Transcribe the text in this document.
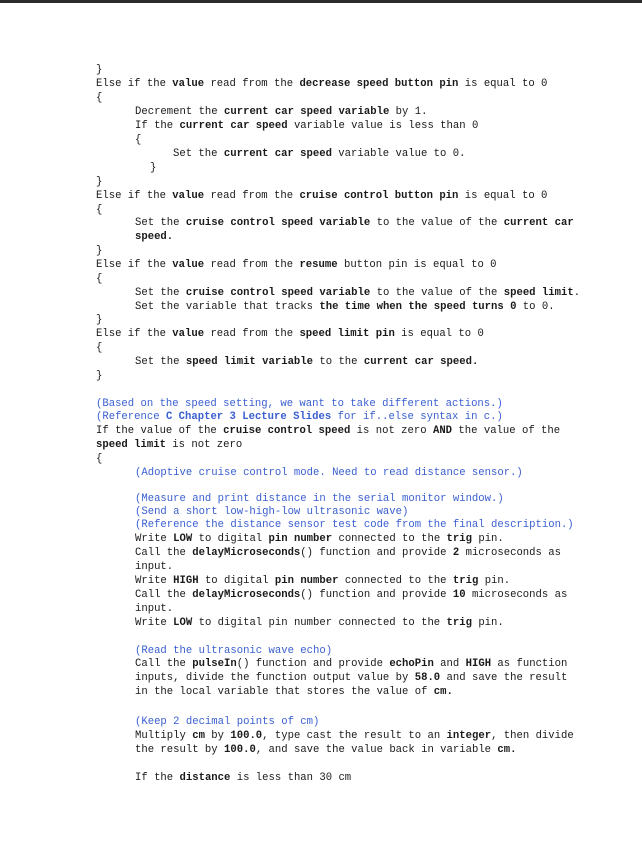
}
Else if the value read from the decrease speed button pin is equal to 0
{
Decrement the current car speed variable by 1.
If the current car speed variable value is less than 0
{
Set the current car speed variable value to 0.
}
}
Else if the value read from the cruise control button pin is equal to 0
{
Set the cruise control speed variable to the value of the current car
speed.
}
Else if the value read from the resume button pin is equal to 0
{
Set the cruise control speed variable to the value of the speed limit.
Set the variable that tracks the time when the speed turns 0 to 0.
}
Else if the value read from the speed limit pin is equal to 0
{
Set the speed limit variable to the current car speed.
}
(Based on the speed setting, we want to take different actions.)
(Reference C Chapter 3 Lecture Slides for if..else syntax in c.)
If the value of the cruise control speed is not zero AND the value of the
speed limit is not zero
{
(Adoptive cruise control mode. Need to read distance sensor.)
(Measure and print distance in the serial monitor window.)
(Send a short low-high-low ultrasonic wave)
(Reference the distance sensor test code from the final description.)
Write LOW to digital pin number connected to the trig pin.
Call the delayMicroseconds() function and provide 2 microseconds as
input.
Write HIGH to digital pin number connected to the trig pin.
Call the delayMicroseconds() function and provide 10 microseconds as
input.
Write LOW to digital pin number connected to the trig pin.
(Read the ultrasonic wave echo)
Call the pulseIn() function and provide echoPin and HIGH as function
inputs, divide the function output value by 58.0 and save the result
in the local variable that stores the value of cm.
(Keep 2 decimal points of cm)
Multiply cm by 100.0, type cast the result to an integer, then divide
the result by 100.0, and save the value back in variable cm.
If the distance is less than 30 cm
